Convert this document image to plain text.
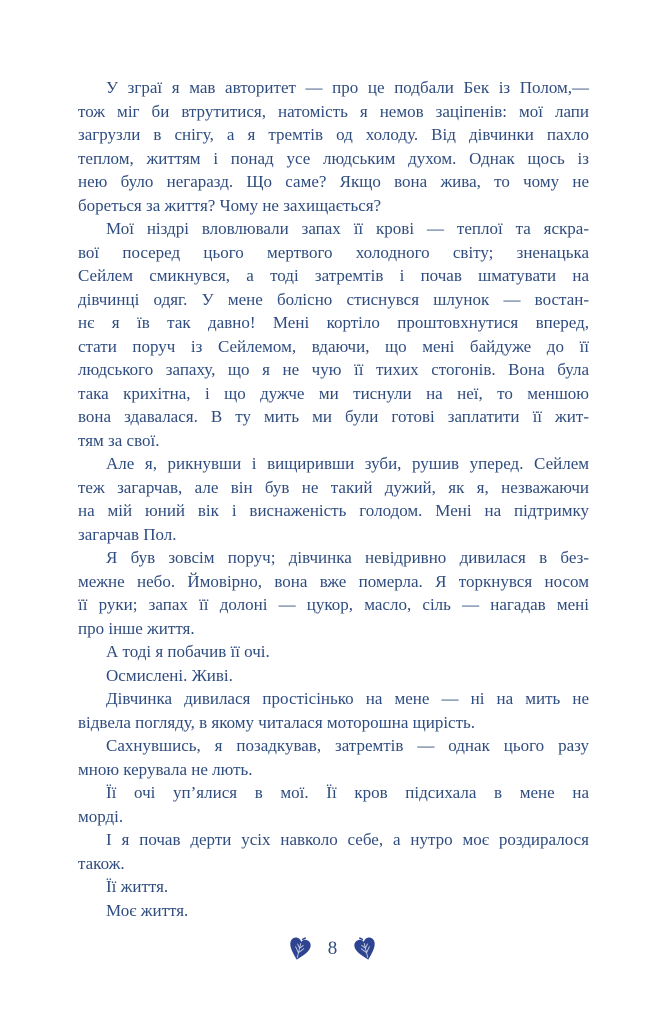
У зграї я мав авторитет — про це подбали Бек із Полом,—
тож міг би втрутитися, натомість я немов заціпенів: мої лапи
загрузли в снігу, а я тремтів од холоду. Від дівчинки пахло
теплом, життям і понад усе людським духом. Однак щось із
нею було негаразд. Що саме? Якщо вона жива, то чому не
бореться за життя? Чому не захищається?

Мої ніздрі вловлювали запах її крові — теплої та яскра-
вої посеред цього мертвого холодного світу; зненацька
Сейлем смикнувся, а тоді затремтів і почав шматувати на
дівчинці одяг. У мене болісно стиснувся шлунок — востан-
нє я їв так давно! Мені кортіло проштовхнутися вперед,
стати поруч із Сейлемом, вдаючи, що мені байдуже до її
людського запаху, що я не чую її тихих стогонів. Вона була
така крихітна, і що дужче ми тиснули на неї, то меншою
вона здавалася. В ту мить ми були готові заплатити її жит-
тям за свої.

Але я, рикнувши і вищиривши зуби, рушив уперед. Сейлем
теж загарчав, але він був не такий дужий, як я, незважаючи
на мій юний вік і виснаженість голодом. Мені на підтримку
загарчав Пол.

Я був зовсім поруч; дівчинка невідривно дивилася в без-
межне небо. Ймовірно, вона вже померла. Я торкнувся носом
її руки; запах її долоні — цукор, масло, сіль — нагадав мені
про інше життя.

А тоді я побачив її очі.

Осмислені. Живі.

Дівчинка дивилася простісінько на мене — ні на мить не
відвела погляду, в якому читалася моторошна щирість.

Сахнувшись, я позадкував, затремтів — однак цього разу
мною керувала не лють.

Її очі уп’ялися в мої. Її кров підсихала в мене на
морді.

І я почав дерти усіх навколо себе, а нутро моє роздиралося
також.

Її життя.

Моє життя.

8
